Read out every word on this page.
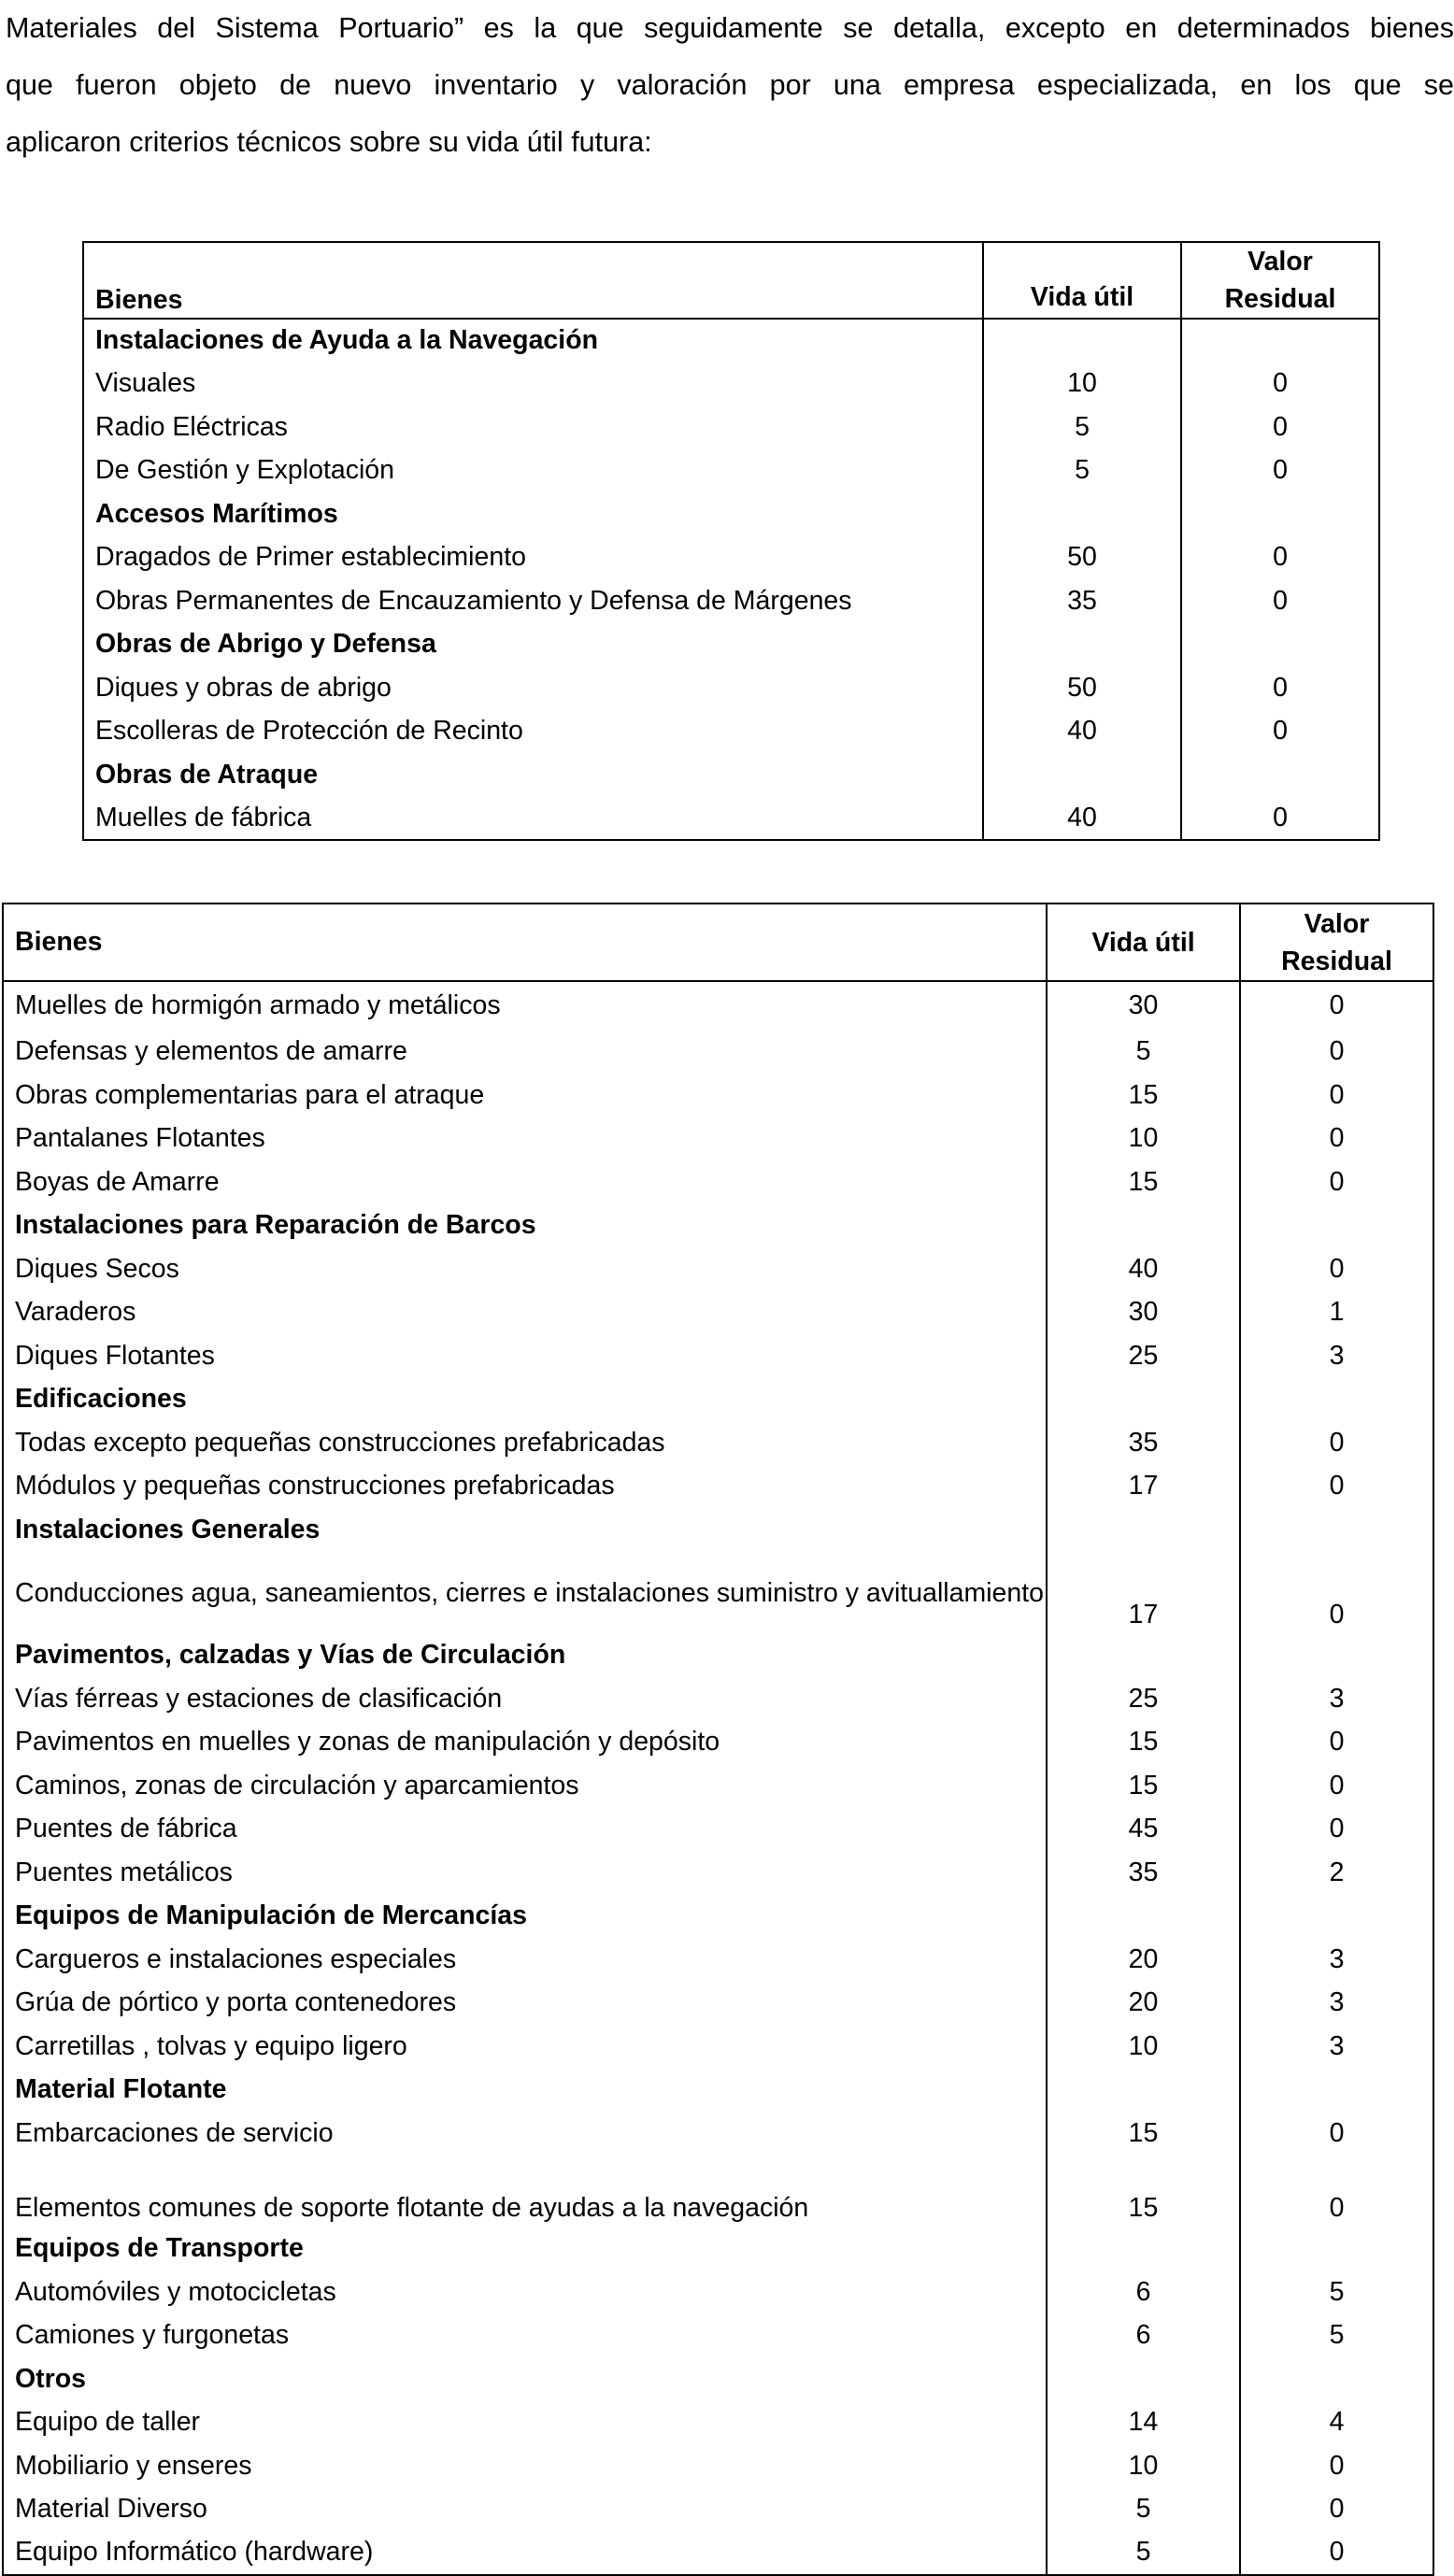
Materiales del Sistema Portuario” es la que seguidamente se detalla, excepto en determinados bienes
que fueron objeto de nuevo inventario y valoración por una empresa especializada, en los que se
aplicaron criterios técnicos sobre su vida útil futura:
Bienes	Vida útil	Valor
Residual
Instalaciones de Ayuda a la Navegación		
Visuales	10	0
Radio Eléctricas	5	0
De Gestión y Explotación	5	0
Accesos Marítimos		
Dragados de Primer establecimiento	50	0
Obras Permanentes de Encauzamiento y Defensa de Márgenes	35	0
Obras de Abrigo y Defensa		
Diques y obras de abrigo	50	0
Escolleras de Protección de Recinto	40	0
Obras de Atraque		
Muelles de fábrica	40	0
Bienes	Vida útil	Valor
Residual
Muelles de hormigón armado y metálicos	30	0
Defensas y elementos de amarre	5	0
Obras complementarias para el atraque	15	0
Pantalanes Flotantes	10	0
Boyas de Amarre	15	0
Instalaciones para Reparación de Barcos		
Diques Secos	40	0
Varaderos	30	1
Diques Flotantes	25	3
Edificaciones		
Todas excepto pequeñas construcciones prefabricadas	35	0
Módulos y pequeñas construcciones prefabricadas	17	0
Instalaciones Generales		
Conducciones agua, saneamientos, cierres e instalaciones suministro y avituallamiento	17	0
Pavimentos, calzadas y Vías de Circulación		
Vías férreas y estaciones de clasificación	25	3
Pavimentos en muelles y zonas de manipulación y depósito	15	0
Caminos, zonas de circulación y aparcamientos	15	0
Puentes de fábrica	45	0
Puentes metálicos	35	2
Equipos de Manipulación de Mercancías		
Cargueros e instalaciones especiales	20	3
Grúa de pórtico y porta contenedores	20	3
Carretillas , tolvas y equipo ligero	10	3
Material Flotante		
Embarcaciones de servicio	15	0
Elementos comunes de soporte flotante de ayudas a la navegación	15	0
Equipos de Transporte		
Automóviles y motocicletas	6	5
Camiones y furgonetas	6	5
Otros		
Equipo de taller	14	4
Mobiliario y enseres	10	0
Material Diverso	5	0
Equipo Informático (hardware)	5	0
